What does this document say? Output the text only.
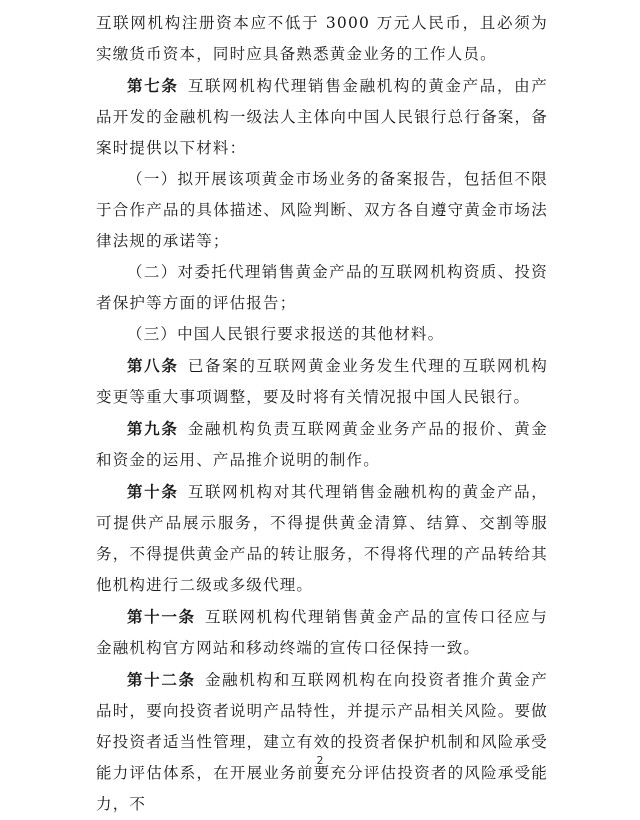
互联网机构注册资本应不低于 3000 万元人民币，且必须为实缴货币资本，同时应具备熟悉黄金业务的工作人员。

第七条 互联网机构代理销售金融机构的黄金产品，由产品开发的金融机构一级法人主体向中国人民银行总行备案，备案时提供以下材料：

（一）拟开展该项黄金市场业务的备案报告，包括但不限于合作产品的具体描述、风险判断、双方各自遵守黄金市场法律法规的承诺等；

（二）对委托代理销售黄金产品的互联网机构资质、投资者保护等方面的评估报告；

（三）中国人民银行要求报送的其他材料。

第八条 已备案的互联网黄金业务发生代理的互联网机构变更等重大事项调整，要及时将有关情况报中国人民银行。

第九条 金融机构负责互联网黄金业务产品的报价、黄金和资金的运用、产品推介说明的制作。

第十条 互联网机构对其代理销售金融机构的黄金产品，可提供产品展示服务，不得提供黄金清算、结算、交割等服务，不得提供黄金产品的转让服务，不得将代理的产品转给其他机构进行二级或多级代理。

第十一条 互联网机构代理销售黄金产品的宣传口径应与金融机构官方网站和移动终端的宣传口径保持一致。

第十二条 金融机构和互联网机构在向投资者推介黄金产品时，要向投资者说明产品特性，并提示产品相关风险。要做好投资者适当性管理，建立有效的投资者保护机制和风险承受能力评估体系，在开展业务前要充分评估投资者的风险承受能力，不

2
